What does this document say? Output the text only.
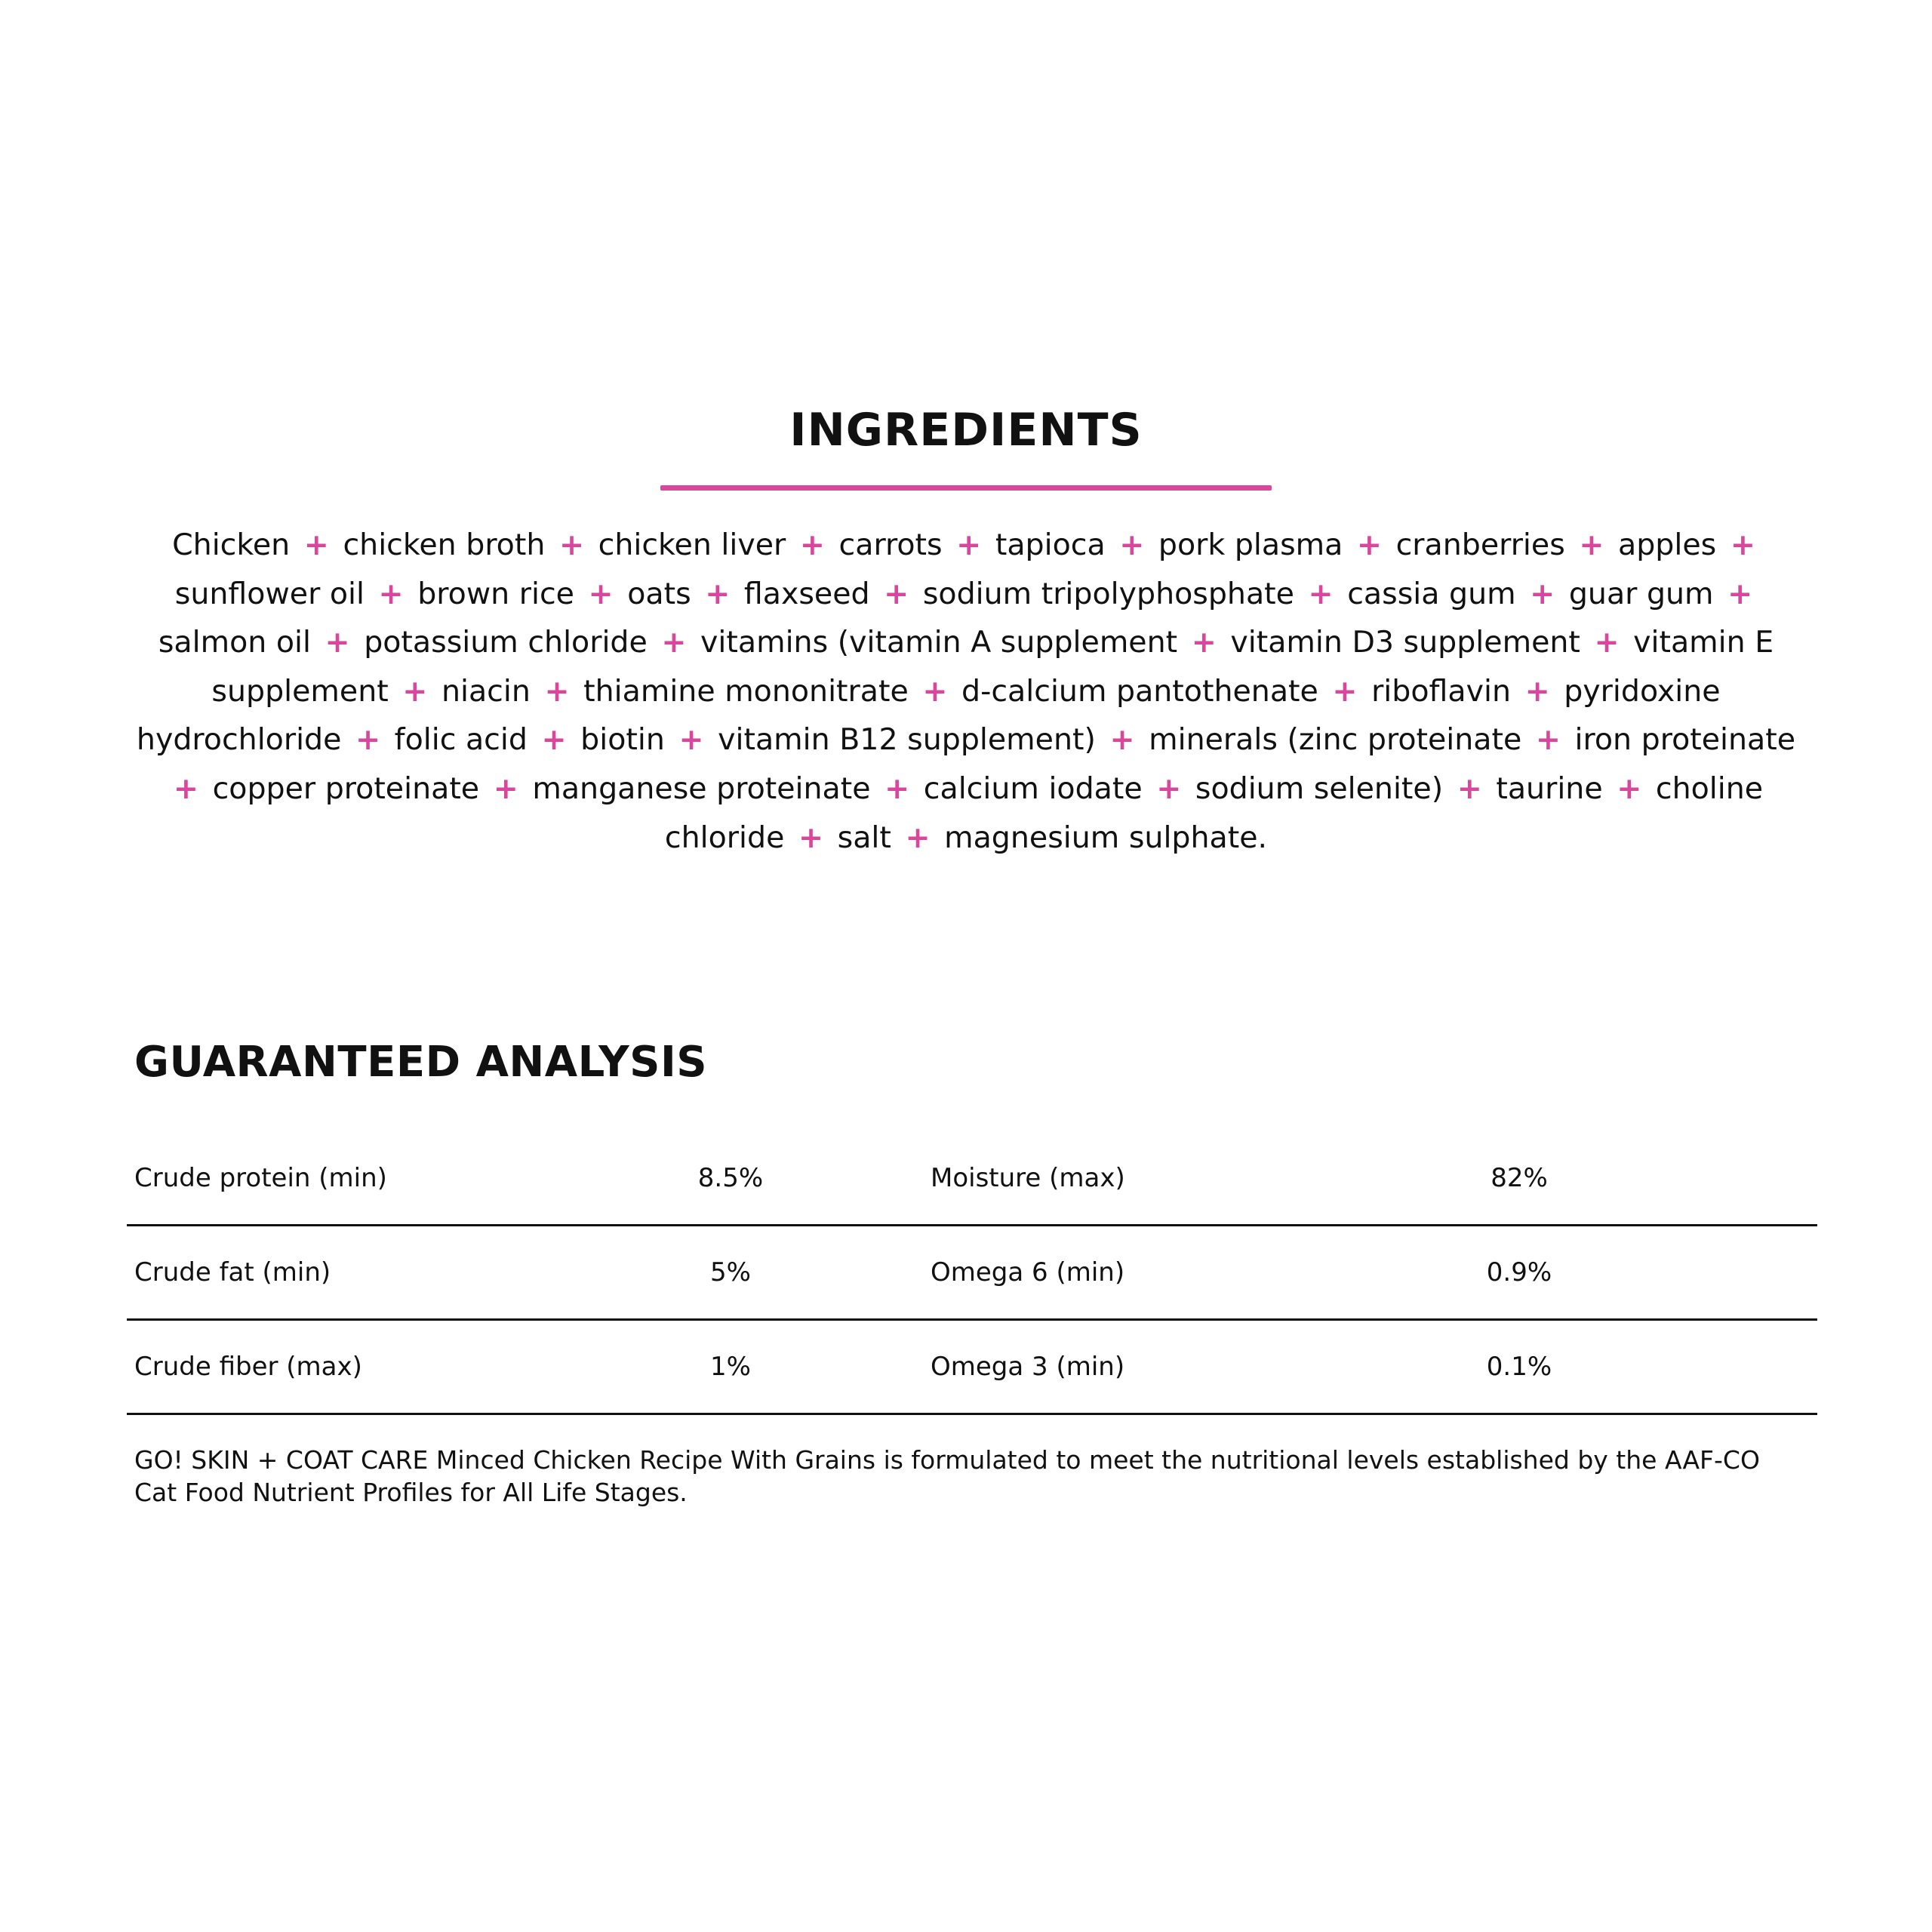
INGREDIENTS

Chicken + chicken broth + chicken liver + carrots + tapioca + pork plasma + cranberries + apples + sunflower oil + brown rice + oats + flaxseed + sodium tripolyphosphate + cassia gum + guar gum + salmon oil + potassium chloride + vitamins (vitamin A supplement + vitamin D3 supplement + vitamin E supplement + niacin + thiamine mononitrate + d-calcium pantothenate + riboflavin + pyridoxine hydrochloride + folic acid + biotin + vitamin B12 supplement) + minerals (zinc proteinate + iron proteinate + copper proteinate + manganese proteinate + calcium iodate + sodium selenite) + taurine + choline chloride + salt + magnesium sulphate.

GUARANTEED ANALYSIS
Crude protein (min)	8.5%	Moisture (max)	82%
Crude fat (min)	5%	Omega 6 (min)	0.9%
Crude fiber (max)	1%	Omega 3 (min)	0.1%

GO! SKIN + COAT CARE Minced Chicken Recipe With Grains is formulated to meet the nutritional levels established by the AAF-CO Cat Food Nutrient Profiles for All Life Stages.
